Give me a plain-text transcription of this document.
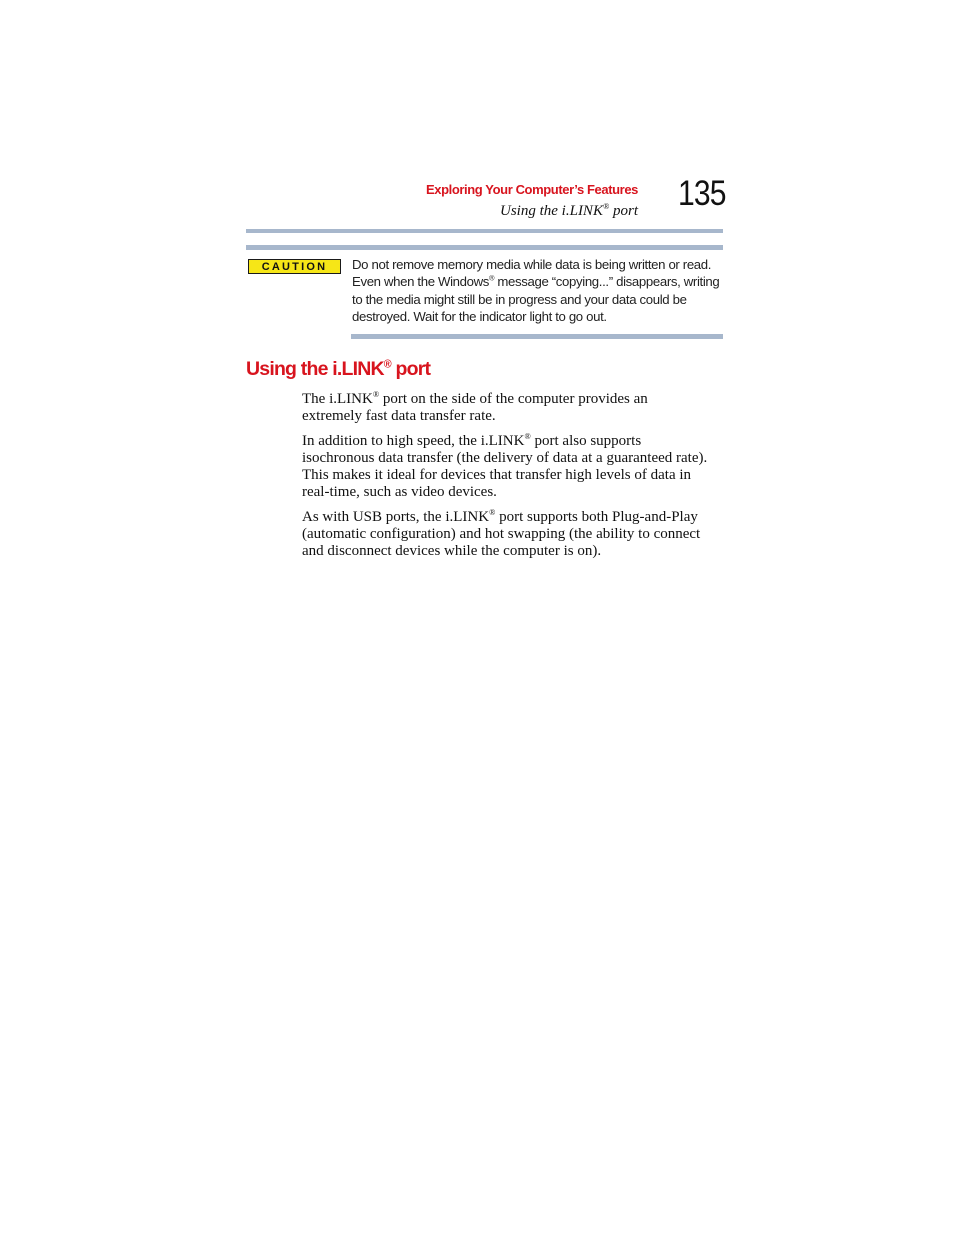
Exploring Your Computer’s Features
Using the i.LINK® port 135
CAUTION	Do not remove memory media while data is being written or read.
Even when the Windows® message “copying...” disappears, writing
to the media might still be in progress and your data could be
destroyed. Wait for the indicator light to go out.
Using the i.LINK® port
The i.LINK® port on the side of the computer provides an
extremely fast data transfer rate.
In addition to high speed, the i.LINK® port also supports
isochronous data transfer (the delivery of data at a guaranteed rate).
This makes it ideal for devices that transfer high levels of data in
real-time, such as video devices.
As with USB ports, the i.LINK® port supports both Plug-and-Play
(automatic configuration) and hot swapping (the ability to connect
and disconnect devices while the computer is on).
